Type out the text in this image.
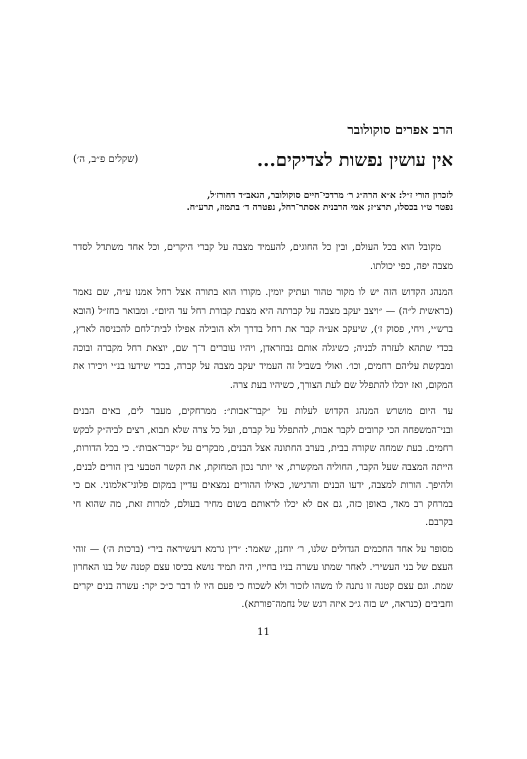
הרב אפרים סוקולובר
אין עושין נפשות לצדיקים...
(שקלים פ״ב, ה׳)
לזכרון הורי ז״ל: א״א הרה״ג ר׳ מרדכי־חיים סוקולובר, הגאב״ד דחורז׳ל,
נפטר ט״ו בכסלו, תרצ״ז; אמי הרבנית אסתר־רחל, נפטרה ד׳ בתמוז, תרע״ח.

מקובל הוא בכל העולם, ובין כל החוגים, להעמיד מצבה על קברי היקרים, וכל אחד משתדל לסדר מצבה יפה, כפי יכולתו.

המנהג הקדוש הזה יש לו מקור טהור ועתיק יומין. מקורו הוא בתורה אצל רחל אמנו ע״ה, שם נאמר (בראשית ל״ה) — ״ויצב יעקב מצבה על קברתה היא מצבת קבורת רחל עד היום״. ומבואר בחז״ל (הובא ברש״י, ויחי, פסוק ז׳), שיעקב אע״ה קבר את רחל בדרך ולא הובילה אפילו לבית־לחם להכניסה לארץ, בכדי שתהא לעזרה לבניה; כשיגלה אותם נבוזראדן, ויהיו עוברים ד־ך שם, יוצאת רחל מקברה ובוכה ומבקשת עליהם רחמים, וכו׳. ואולי בשביל זה העמיד יעקב מצבה על קברה, בכדי שידעו בנ״י ויכירו את המקום, ואז יוכלו להתפלל שם לעת הצורך, כשיהיו בעת צרה.

עד היום מושרש המנהג הקדוש לעלות על ״קבר־אבות״: ממרחקים, מעבר לים, באים הבנים ובני־המשפחה הכי קרובים לקבר אבות, להתפלל על קברם, ועל כל צרה שלא תבוא, רצים לביה״ק לבקש רחמים. בעת שמחה שקורה בבית, בערב החתונה אצל הבנים, מבקרים על ״קבר־אבות״. כי בכל הדורות, הייתה המצבה שעל הקבר, החוליה המקשרת, אי יותר נכון המחזקת, את הקשר הטבעי בין הורים לבנים, ולהיפך. הורות למצבה, ידעו הבנים והרגישו, כאילו ההורים נמצאים עדיין במקום פלוני־אלמוני. אם כי במרחק רב מאד, באופן כזה, גם אם לא יכלו לראותם בשום מחיר בעולם, למרות זאת, מה שהוא חי בקרבם.

מסופר על אחד החכמים הגדולים שלנו, ר׳ יוחנן, שאמר: ״דין גרמא דעשיראה ביר״ (ברכות ה׳) — זוהי העצם של בני העשירי. לאחר שמתו עשרה בניו בחייו, היה תמיד נושא בכיסו עצם קטנה של בנו האחרון שמת. וגם עצם קטנה זו נתנה לו משהו לזכור ולא לשכוח כי פעם היו לו דבר כ״כ יקר: עשרה בנים יקרים וחביבים (כנראה, יש בזה ג״כ איזה רגש של נחמה־פורתא).

11
